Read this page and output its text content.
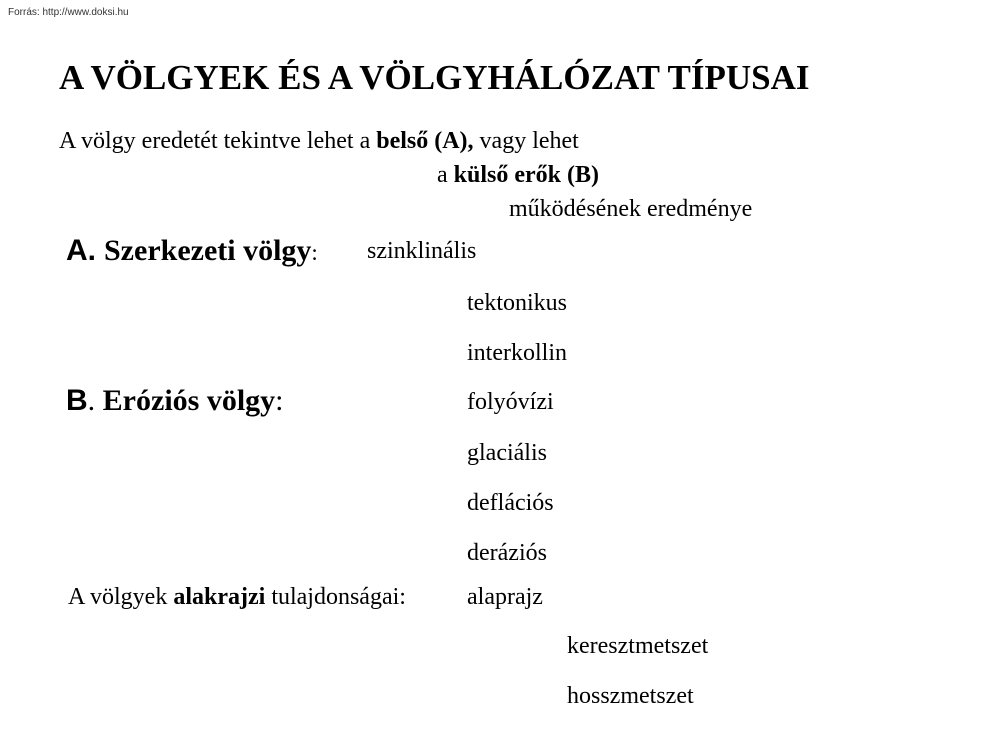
Forrás: http://www.doksi.hu
A VÖLGYEK ÉS A VÖLGYHÁLÓZAT TÍPUSAI
A völgy eredetét tekintve lehet a belső (A), vagy lehet
a külső erők (B)
működésének eredménye
A. Szerkezeti völgy: szinklinális
tektonikus
interkollin
B. Eróziós völgy:	folyóvízi
glaciális
deflációs
deráziós
A völgyek alakrajzi tulajdonságai:	alaprajz
keresztmetszet
hosszmetszet
